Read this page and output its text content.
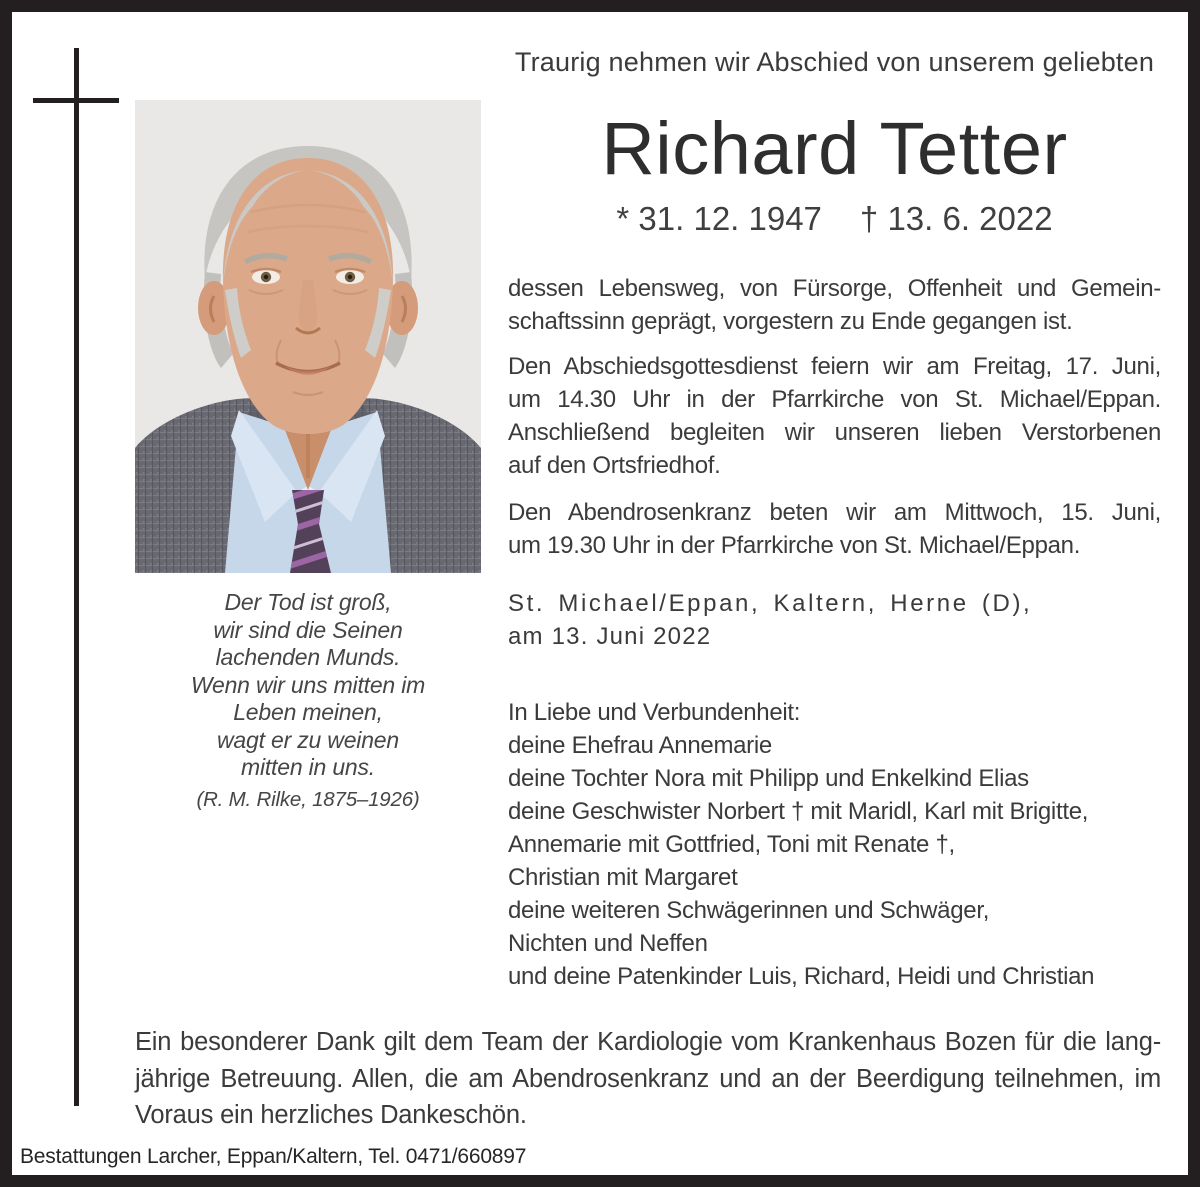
Der Tod ist groß,
wir sind die Seinen
lachenden Munds.
Wenn wir uns mitten im
Leben meinen,
wagt er zu weinen
mitten in uns.
(R. M. Rilke, 1875–1926)
Traurig nehmen wir Abschied von unserem geliebten
Richard Tetter
* 31. 12. 1947 † 13. 6. 2022
dessen Lebensweg, von Fürsorge, Offenheit und Gemein-
schaftssinn geprägt, vorgestern zu Ende gegangen ist.
Den Abschiedsgottesdienst feiern wir am Freitag, 17. Juni,
um 14.30 Uhr in der Pfarrkirche von St. Michael/Eppan.
Anschließend begleiten wir unseren lieben Verstorbenen
auf den Ortsfriedhof.
Den Abendrosenkranz beten wir am Mittwoch, 15. Juni,
um 19.30 Uhr in der Pfarrkirche von St. Michael/Eppan.
St. Michael/Eppan, Kaltern, Herne (D),
am 13. Juni 2022
In Liebe und Verbundenheit:
deine Ehefrau Annemarie
deine Tochter Nora mit Philipp und Enkelkind Elias
deine Geschwister Norbert † mit Maridl, Karl mit Brigitte,
Annemarie mit Gottfried, Toni mit Renate †,
Christian mit Margaret
deine weiteren Schwägerinnen und Schwäger,
Nichten und Neffen
und deine Patenkinder Luis, Richard, Heidi und Christian
Ein besonderer Dank gilt dem Team der Kardiologie vom Krankenhaus Bozen für die lang-
jährige Betreuung. Allen, die am Abendrosenkranz und an der Beerdigung teilnehmen, im
Voraus ein herzliches Dankeschön.
Bestattungen Larcher, Eppan/Kaltern, Tel. 0471/660897
